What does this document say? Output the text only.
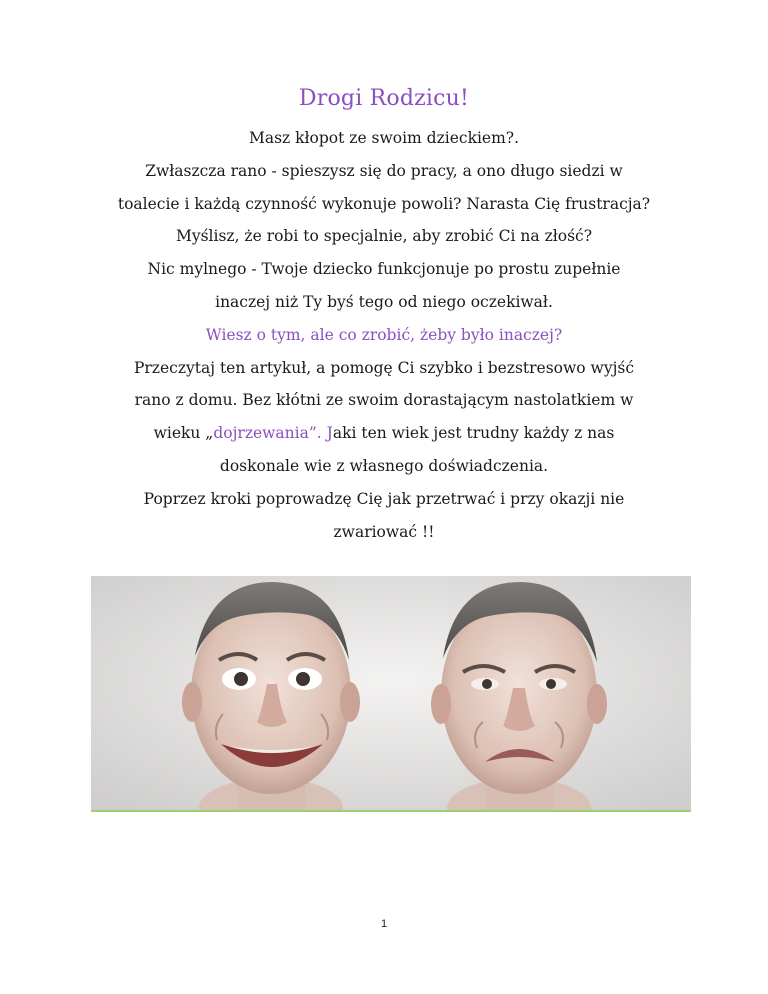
Drogi Rodzicu!
Masz kłopot ze swoim dzieckiem?.
Zwłaszcza rano - spieszysz się do pracy, a ono długo siedzi w
toalecie i każdą czynność wykonuje powoli? Narasta Cię frustracja?
Myślisz, że robi to specjalnie, aby zrobić Ci na złość?
Nic mylnego - Twoje dziecko funkcjonuje po prostu zupełnie
inaczej niż Ty byś tego od niego oczekiwał.
Wiesz o tym, ale co zrobić, żeby było inaczej?
Przeczytaj ten artykuł, a pomogę Ci szybko i bezstresowo wyjść
rano z domu. Bez kłótni ze swoim dorastającym nastolatkiem w
wieku „dojrzewania”. Jaki ten wiek jest trudny każdy z nas
doskonale wie z własnego doświadczenia.
Poprzez kroki poprowadzę Cię jak przetrwać i przy okazji nie
zwariować !!
1
